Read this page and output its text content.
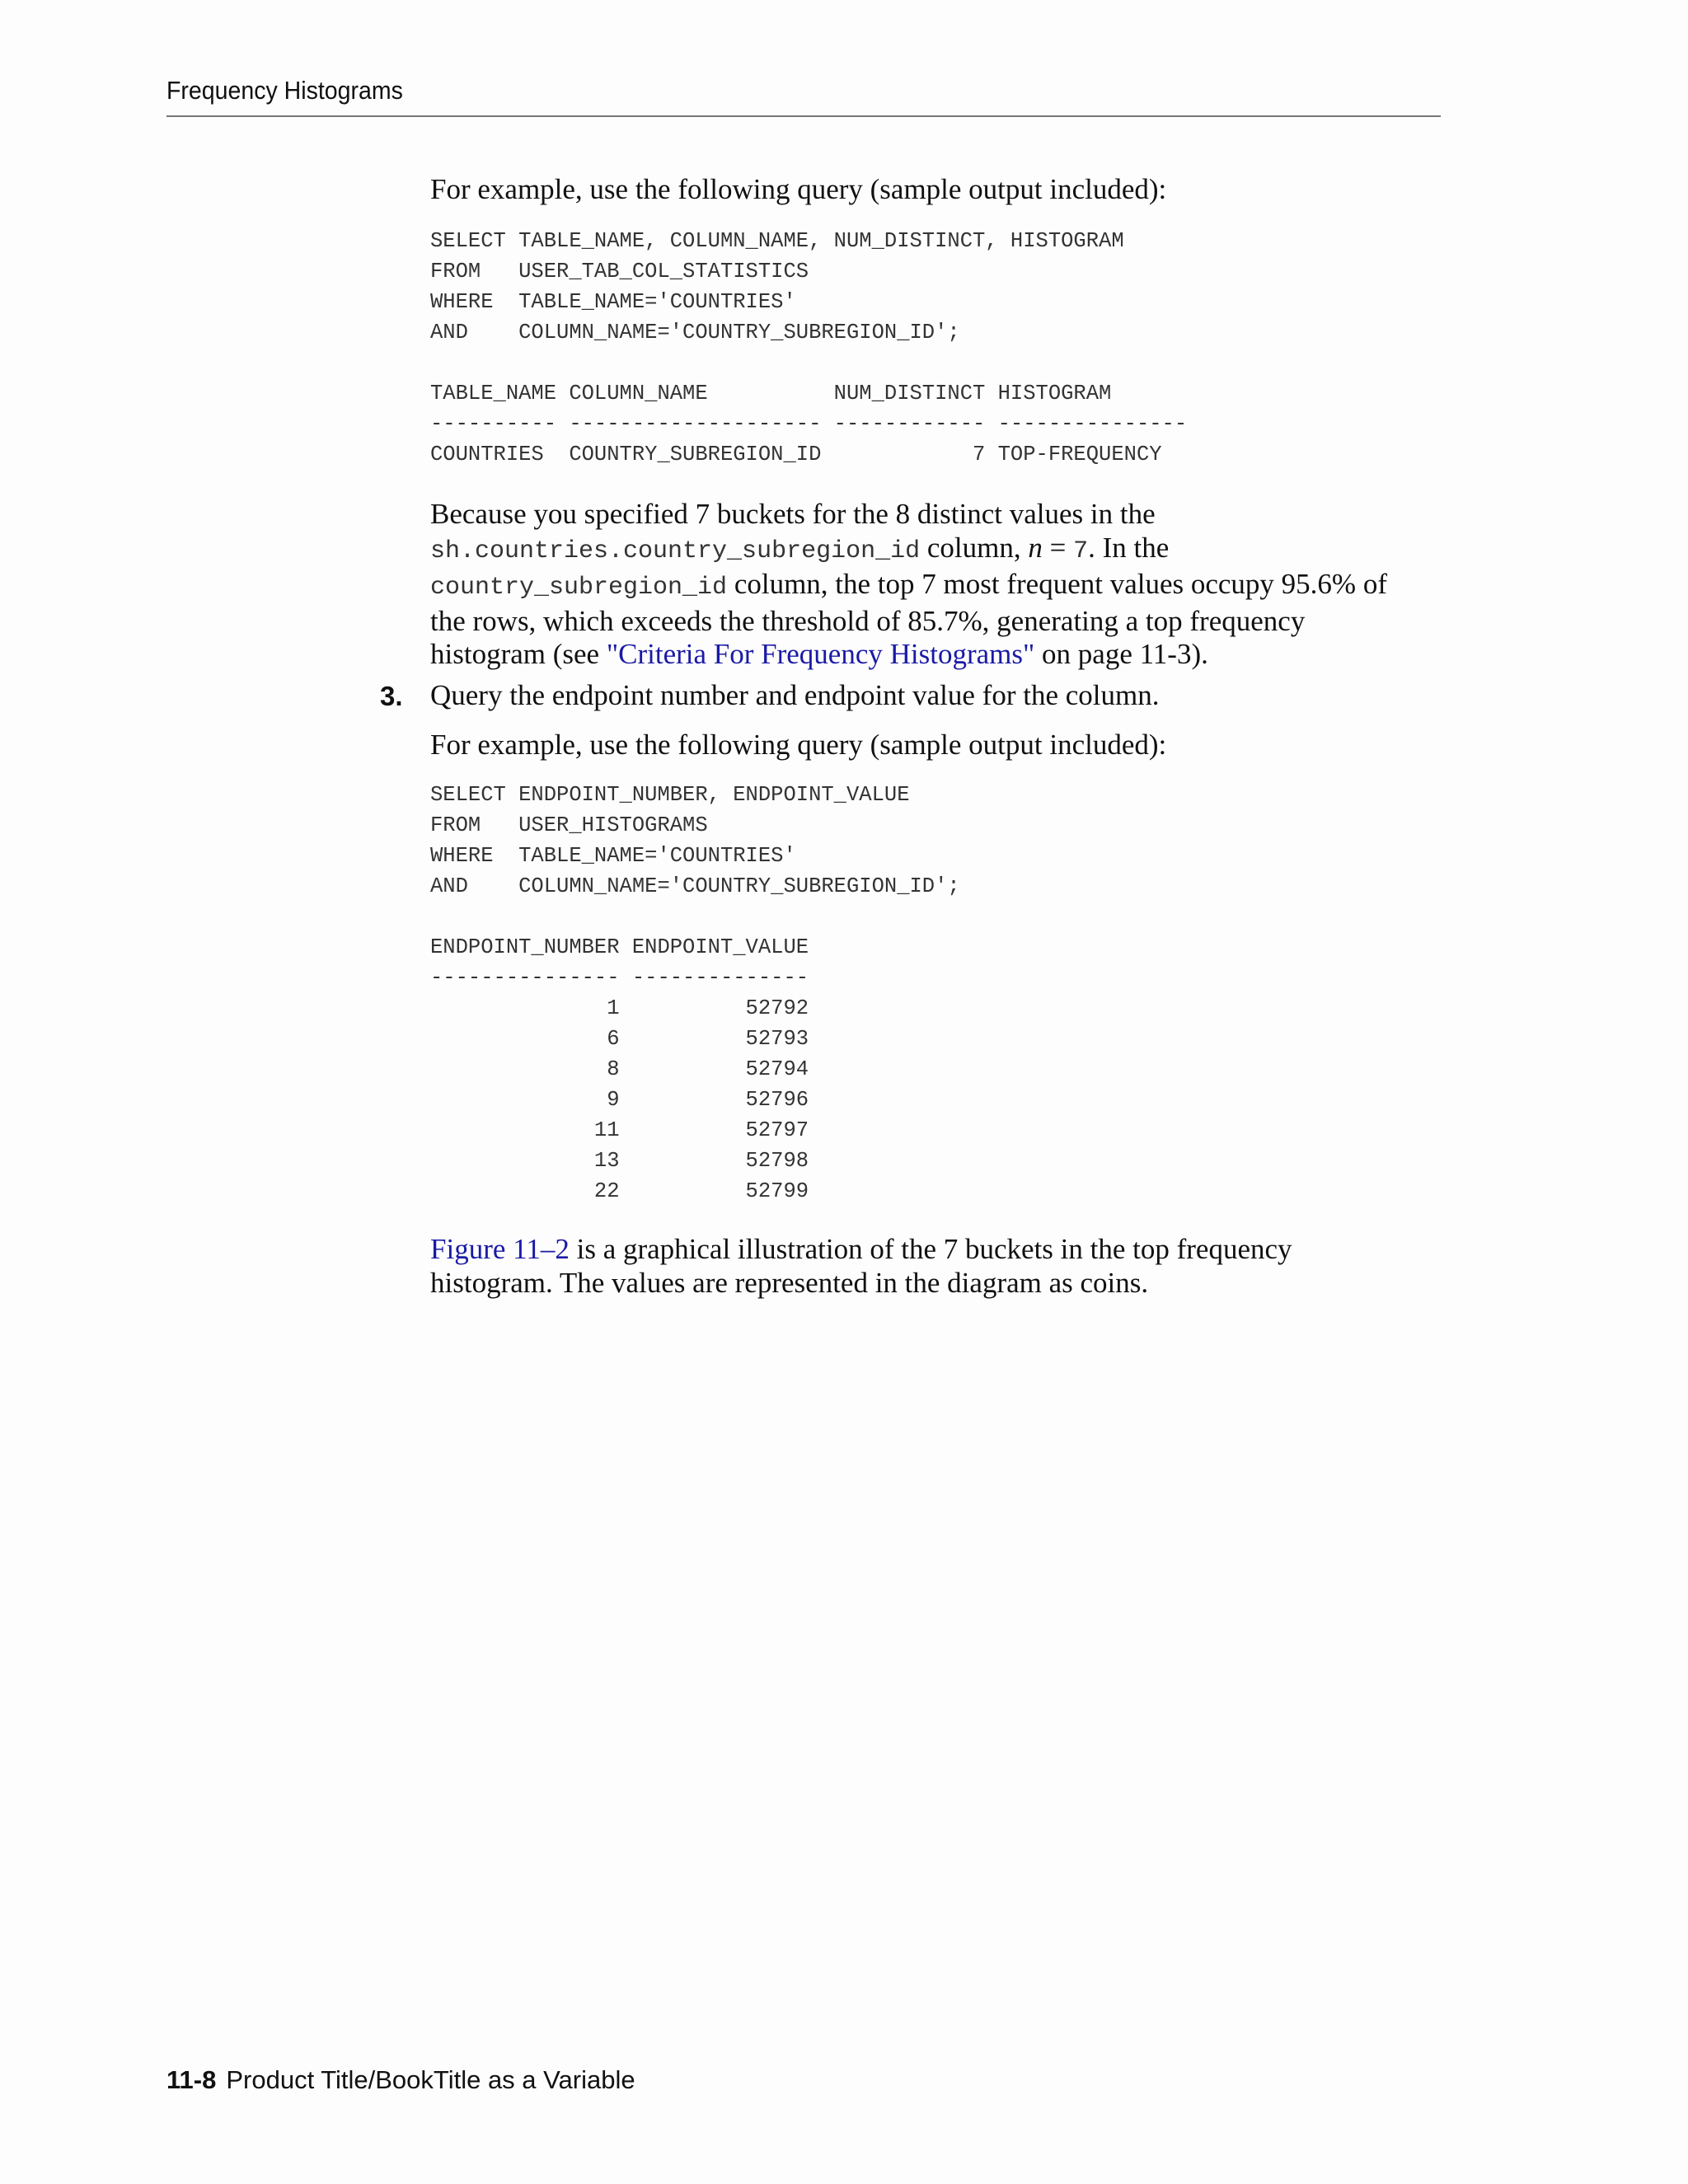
Frequency Histograms
For example, use the following query (sample output included):
SELECT TABLE_NAME, COLUMN_NAME, NUM_DISTINCT, HISTOGRAM
FROM   USER_TAB_COL_STATISTICS
WHERE  TABLE_NAME='COUNTRIES'
AND    COLUMN_NAME='COUNTRY_SUBREGION_ID';

TABLE_NAME COLUMN_NAME          NUM_DISTINCT HISTOGRAM
---------- -------------------- ------------ ---------------
COUNTRIES  COUNTRY_SUBREGION_ID            7 TOP-FREQUENCY
Because you specified 7 buckets for the 8 distinct values in the sh.countries.country_subregion_id column, n = 7. In the country_subregion_id column, the top 7 most frequent values occupy 95.6% of the rows, which exceeds the threshold of 85.7%, generating a top frequency histogram (see "Criteria For Frequency Histograms" on page 11-3).
3. Query the endpoint number and endpoint value for the column.
For example, use the following query (sample output included):
SELECT ENDPOINT_NUMBER, ENDPOINT_VALUE
FROM   USER_HISTOGRAMS
WHERE  TABLE_NAME='COUNTRIES'
AND    COLUMN_NAME='COUNTRY_SUBREGION_ID';

ENDPOINT_NUMBER ENDPOINT_VALUE
--------------- --------------
1          52792
6          52793
8          52794
9          52796
11          52797
13          52798
22          52799
Figure 11–2 is a graphical illustration of the 7 buckets in the top frequency histogram. The values are represented in the diagram as coins.
11-8 Product Title/BookTitle as a Variable
